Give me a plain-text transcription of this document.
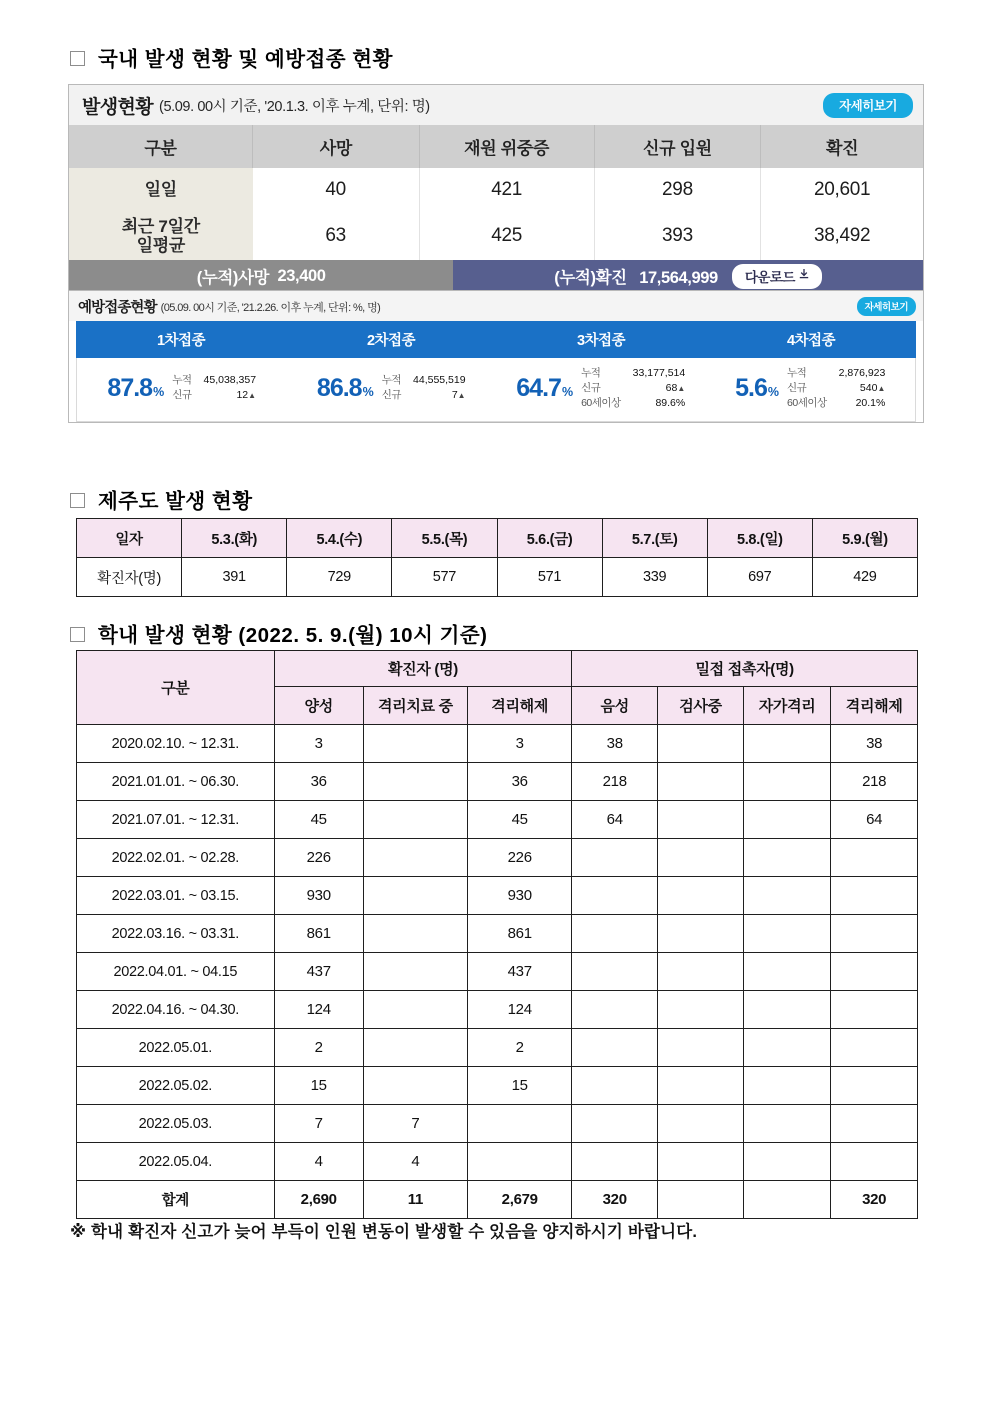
국내 발생 현황 및 예방접종 현황
발생현황 (5.09. 00시 기준, '20.1.3. 이후 누계, 단위: 명)	자세히보기
구분	사망	재원 위중증	신규 입원	확진
일일	40	421	298	20,601
최근 7일간
일평균	63	425	393	38,492
(누적)사망
23,400	(누적)확진 17,564,999 다운로드
예방접종현황 (05.09. 00시 기준, '21.2.26. 이후 누계, 단위: %, 명)	자세히보기
1차접종	2차접종	3차접종	4차접종
87.8%
누적 45,038,357
신규	12▲ 86.8%
누적 44,555,519
신규	7▲ 64.7%
누적	33,177,514
신규	68▲
60세이상	89.6%
5.6%
누적	2,876,923
신규	540▲
60세이상	20.1%
제주도 발생 현황
일자	5.3.(화)	5.4.(수)	5.5.(목)	5.6.(금)	5.7.(토)	5.8.(일)	5.9.(월)
확진자(명)	391	729	577	571	339	697	429
학내 발생 현황 (2022. 5. 9.(월) 10시 기준)
구분	확진자 (명)			밀접 접촉자(명)			
	양성	격리치료 중	격리해제	음성	검사중	자가격리	격리해제
2020.02.10. ~ 12.31.	3		3	38			38
2021.01.01. ~ 06.30.	36		36	218			218
2021.07.01. ~ 12.31.	45		45	64			64
2022.02.01. ~ 02.28.	226		226				
2022.03.01. ~ 03.15.	930		930				
2022.03.16. ~ 03.31.	861		861				
2022.04.01. ~ 04.15	437		437				
2022.04.16. ~ 04.30.	124		124				
2022.05.01.	2		2				
2022.05.02.	15		15				
2022.05.03.	7	7					
2022.05.04.	4	4					
합계	2,690	11	2,679	320			320
※ 학내 확진자 신고가 늦어 부득이 인원 변동이 발생할 수 있음을 양지하시기 바랍니다.
